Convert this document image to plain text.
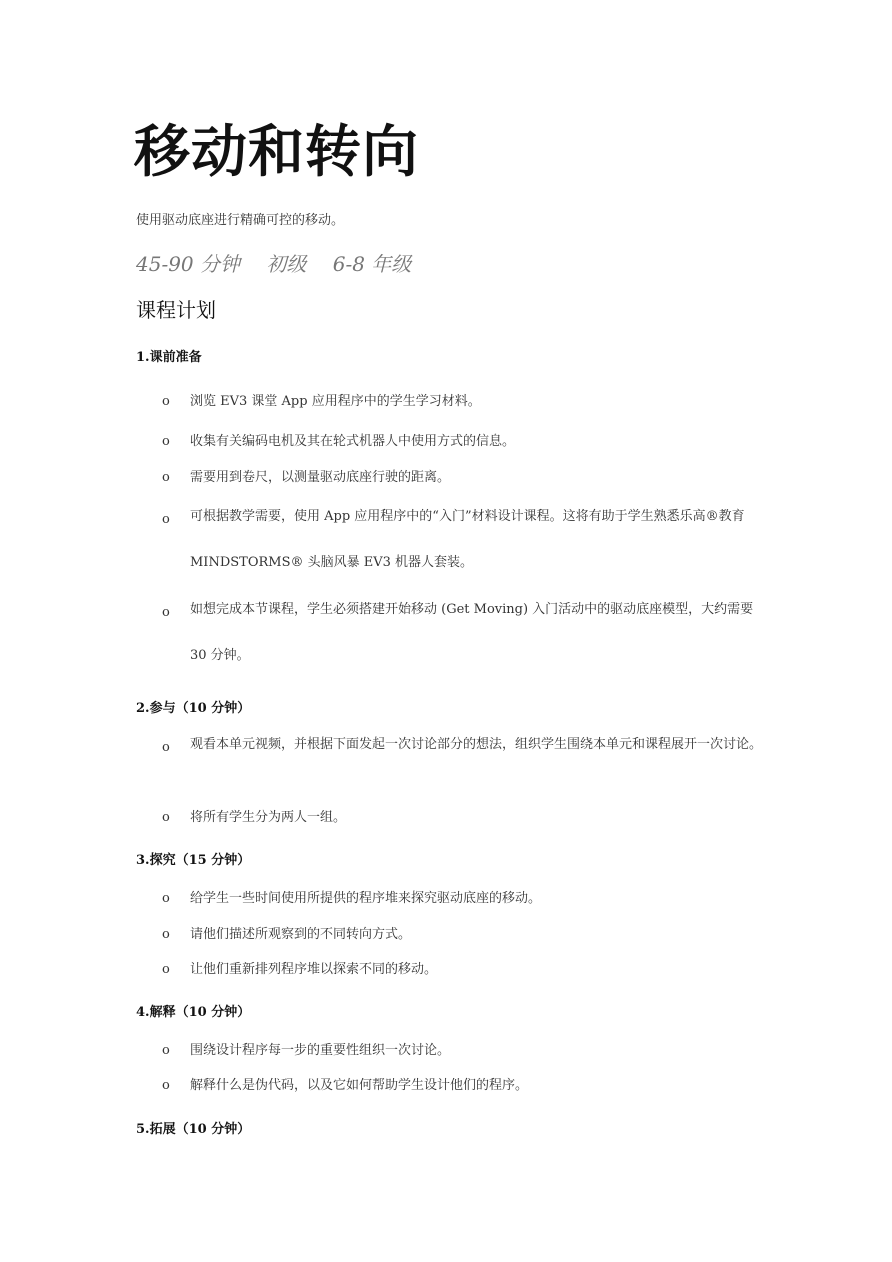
移动和转向
使用驱动底座进行精确可控的移动。
45-90 分钟 初级 6-8 年级
课程计划
1.课前准备
o 浏览 EV3 课堂 App 应用程序中的学生学习材料。
o 收集有关编码电机及其在轮式机器人中使用方式的信息。
o 需要用到卷尺，以测量驱动底座行驶的距离。
o 可根据教学需要，使用 App 应用程序中的“入门”材料设计课程。这将有助于学生熟悉乐高®教育 MINDSTORMS® 头脑风暴 EV3 机器人套装。
o 如想完成本节课程，学生必须搭建开始移动 (Get Moving) 入门活动中的驱动底座模型，大约需要 30 分钟。
2.参与（10 分钟）
o 观看本单元视频，并根据下面发起一次讨论部分的想法，组织学生围绕本单元和课程展开一次讨论。
o 将所有学生分为两人一组。
3.探究（15 分钟）
o 给学生一些时间使用所提供的程序堆来探究驱动底座的移动。
o 请他们描述所观察到的不同转向方式。
o 让他们重新排列程序堆以探索不同的移动。
4.解释（10 分钟）
o 围绕设计程序每一步的重要性组织一次讨论。
o 解释什么是伪代码，以及它如何帮助学生设计他们的程序。
5.拓展（10 分钟）
